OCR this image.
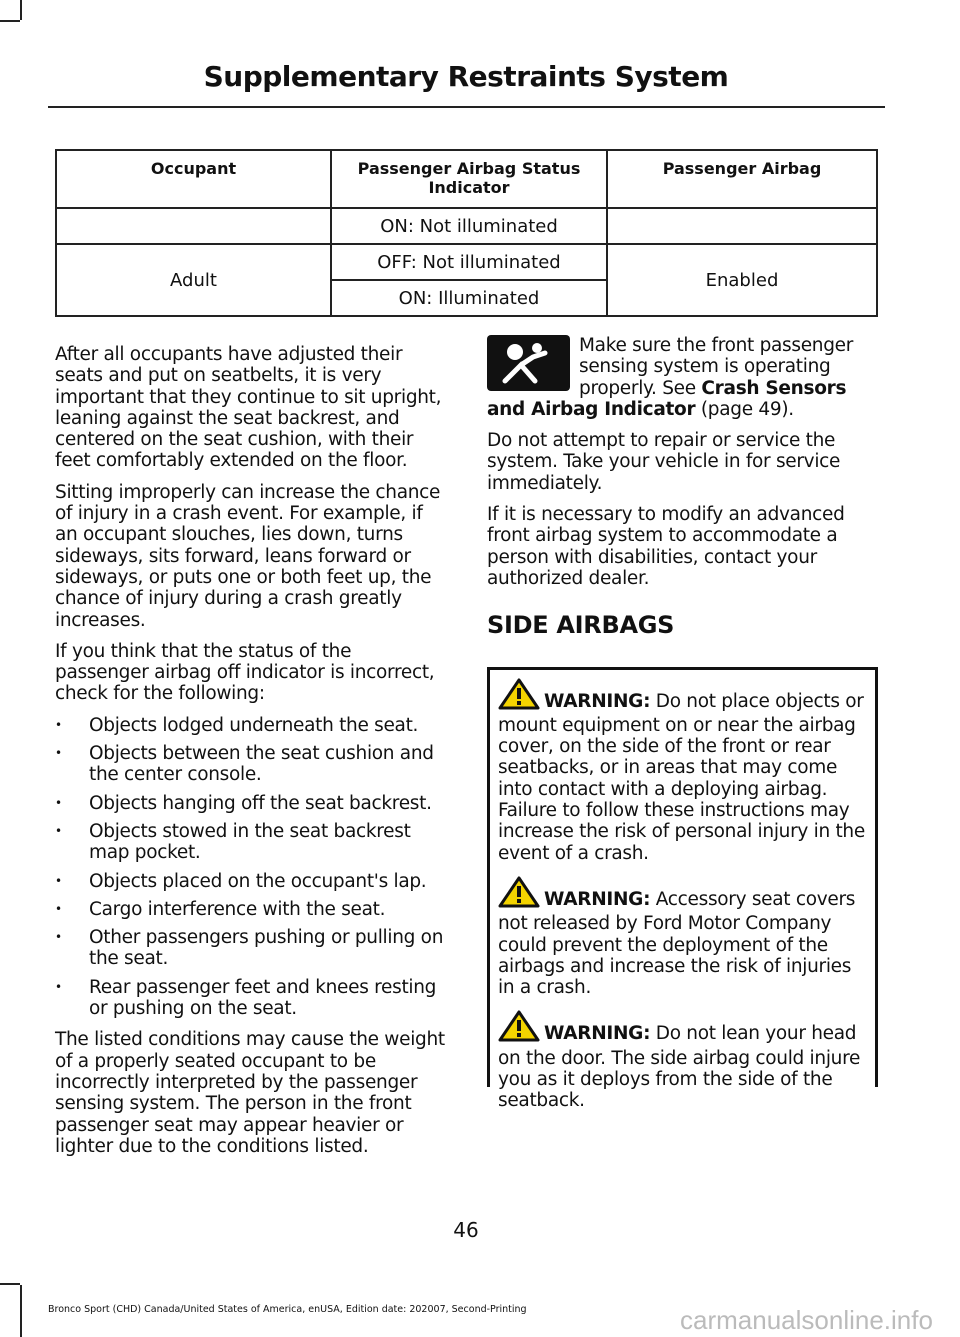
Supplementary Restraints System
Occupant	Passenger Airbag Status Indicator	Passenger Airbag
	ON: Not illuminated	
Adult	OFF: Not illuminated	Enabled
	ON: Illuminated	

After all occupants have adjusted their seats and put on seatbelts, it is very important that they continue to sit upright, leaning against the seat backrest, and centered on the seat cushion, with their feet comfortably extended on the floor.

Sitting improperly can increase the chance of injury in a crash event. For example, if an occupant slouches, lies down, turns sideways, sits forward, leans forward or sideways, or puts one or both feet up, the chance of injury during a crash greatly increases.

If you think that the status of the passenger airbag off indicator is incorrect, check for the following:

• Objects lodged underneath the seat.
• Objects between the seat cushion and the center console.
• Objects hanging off the seat backrest.
• Objects stowed in the seat backrest map pocket.
• Objects placed on the occupant's lap.
• Cargo interference with the seat.
• Other passengers pushing or pulling on the seat.
• Rear passenger feet and knees resting or pushing on the seat.

The listed conditions may cause the weight of a properly seated occupant to be incorrectly interpreted by the passenger sensing system. The person in the front passenger seat may appear heavier or lighter due to the conditions listed.

Make sure the front passenger sensing system is operating properly. See Crash Sensors and Airbag Indicator (page 49).

Do not attempt to repair or service the system. Take your vehicle in for service immediately.

If it is necessary to modify an advanced front airbag system to accommodate a person with disabilities, contact your authorized dealer.

SIDE AIRBAGS
WARNING: Do not place objects or mount equipment on or near the airbag cover, on the side of the front or rear seatbacks, or in areas that may come into contact with a deploying airbag. Failure to follow these instructions may increase the risk of personal injury in the event of a crash.
WARNING: Accessory seat covers not released by Ford Motor Company could prevent the deployment of the airbags and increase the risk of injuries in a crash.
WARNING: Do not lean your head on the door. The side airbag could injure you as it deploys from the side of the seatback.
46
Bronco Sport (CHD) Canada/United States of America, enUSA, Edition date: 202007, Second-Printing	carmanualsonline.info
